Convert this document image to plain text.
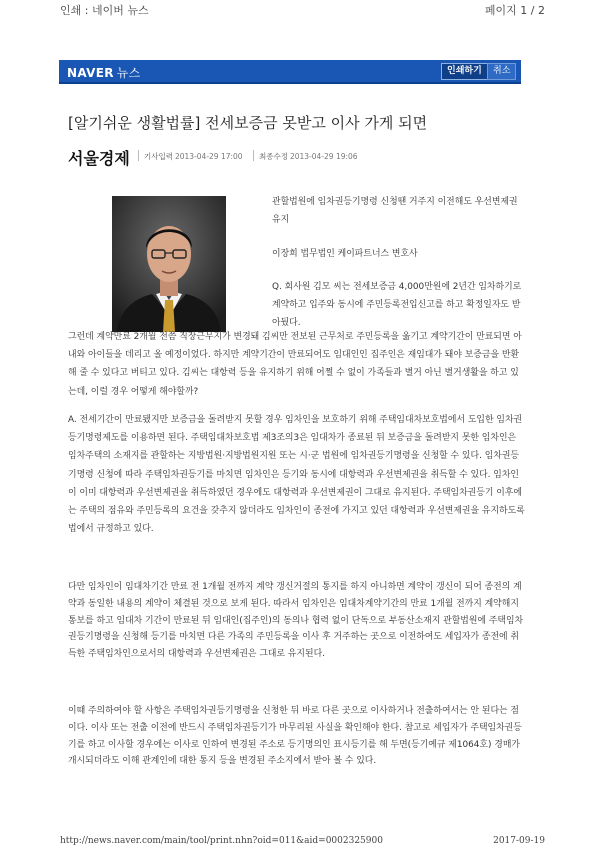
인쇄 : 네이버 뉴스	페이지 1 / 2
NAVER 뉴스	인쇄하기	취소
[알기쉬운 생활법률] 전세보증금 못받고 이사 가게 되면
서울경제 기사입력 2013-04-29 17:00 최종수정 2013-04-29 19:06

관할법원에 임차권등기명령 신청땐 거주지 이전해도 우선변제권 유지

이장희 법무법인 케이파트너스 변호사

Q. 회사원 김모 씨는 전세보증금 4,000만원에 2년간 임차하기로 계약하고 입주와 동시에 주민등록전입신고를 하고 확정일자도 받아뒀다.

그런데 계약만료 2개월 전쯤 직장근무지가 변경돼 김씨만 전보된 근무처로 주민등록을 옮기고 계약기간이 만료되면 아내와 아이들을 데리고 올 예정이었다. 하지만 계약기간이 만료되어도 임대인인 집주인은 재임대가 돼야 보증금을 반환해 줄 수 있다고 버티고 있다. 김씨는 대항력 등을 유지하기 위해 어쩔 수 없이 가족들과 별거 아닌 별거생활을 하고 있는데, 이럴 경우 어떻게 해야할까?

A. 전세기간이 만료됐지만 보증금을 돌려받지 못할 경우 임차인을 보호하기 위해 주택임대차보호법에서 도입한 임차권등기명령제도를 이용하면 된다. 주택임대차보호법 제3조의3은 임대차가 종료된 뒤 보증금을 돌려받지 못한 임차인은 임차주택의 소재지를 관할하는 지방법원·지방법원지원 또는 시·군 법원에 임차권등기명령을 신청할 수 있다. 임차권등기명령 신청에 따라 주택임차권등기를 마치면 임차인은 등기와 동시에 대항력과 우선변제권을 취득할 수 있다. 임차인이 이미 대항력과 우선변제권을 취득하였던 경우에도 대항력과 우선변제권이 그대로 유지된다. 주택임차권등기 이후에는 주택의 점유와 주민등록의 요건을 갖추지 않더라도 임차인이 종전에 가지고 있던 대항력과 우선변제권을 유지하도록 법에서 규정하고 있다.

다만 임차인이 임대차기간 만료 전 1개월 전까지 계약 갱신거절의 통지를 하지 아니하면 계약이 갱신이 되어 종전의 계약과 동일한 내용의 계약이 체결된 것으로 보게 된다. 따라서 임차인은 임대차계약기간의 만료 1개월 전까지 계약해지통보를 하고 임대차 기간이 만료된 뒤 임대인(집주인)의 동의나 협력 없이 단독으로 부동산소재지 관할법원에 주택임차권등기명령을 신청해 등기를 마치면 다른 가족의 주민등록을 이사 후 거주하는 곳으로 이전하여도 세입자가 종전에 취득한 주택임차인으로서의 대항력과 우선변제권은 그대로 유지된다.

이때 주의하여야 할 사항은 주택임차권등기명령을 신청한 뒤 바로 다른 곳으로 이사하거나 전출하여서는 안 된다는 점이다. 이사 또는 전출 이전에 반드시 주택임차권등기가 마무리된 사실을 확인해야 한다. 참고로 세입자가 주택임차권등기를 하고 이사할 경우에는 이사로 인하여 변경된 주소로 등기명의인 표시등기를 해 두면(등기예규 제1064호) 경매가 개시되더라도 이해 관계인에 대한 통지 등을 변경된 주소지에서 받아 볼 수 있다.

http://news.naver.com/main/tool/print.nhn?oid=011&aid=0002325900	2017-09-19
